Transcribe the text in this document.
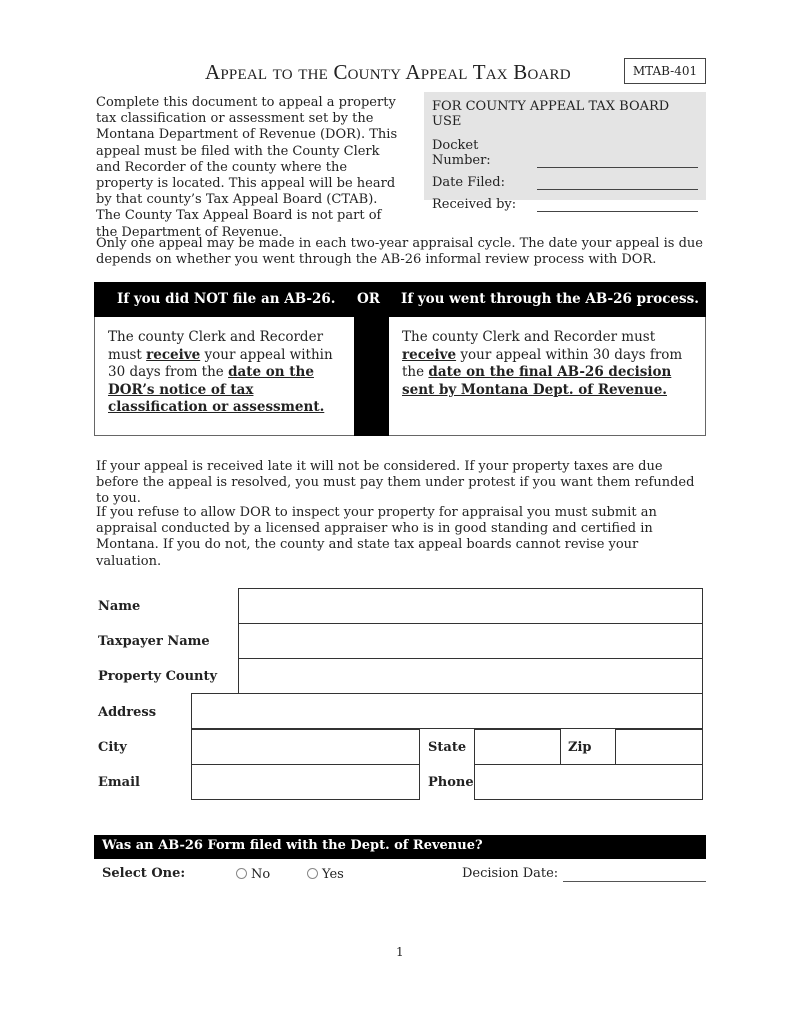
Appeal to the County Appeal Tax Board	MTAB-401
Complete this document to appeal a property tax classification or assessment set by the Montana Department of Revenue (DOR). This appeal must be filed with the County Clerk and Recorder of the county where the property is located. This appeal will be heard by that county’s Tax Appeal Board (CTAB). The County Tax Appeal Board is not part of the Department of Revenue.
FOR COUNTY APPEAL TAX BOARD USE
Docket Number:
Date Filed:
Received by:
Only one appeal may be made in each two-year appraisal cycle. The date your appeal is due depends on whether you went through the AB-26 informal review process with DOR.
If you did NOT file an AB-26. OR If you went through the AB-26 process.
The county Clerk and Recorder must receive your appeal within 30 days from the date on the DOR’s notice of tax classification or assessment.
The county Clerk and Recorder must receive your appeal within 30 days from the date on the final AB-26 decision sent by Montana Dept. of Revenue.
If your appeal is received late it will not be considered. If your property taxes are due before the appeal is resolved, you must pay them under protest if you want them refunded to you.
If you refuse to allow DOR to inspect your property for appraisal you must submit an appraisal conducted by a licensed appraiser who is in good standing and certified in Montana. If you do not, the county and state tax appeal boards cannot revise your valuation.
Name
Taxpayer Name
Property County
Address
City	State	Zip
Email	Phone
Was an AB-26 Form filed with the Dept. of Revenue?
Select One:	No	Yes	Decision Date:
1
